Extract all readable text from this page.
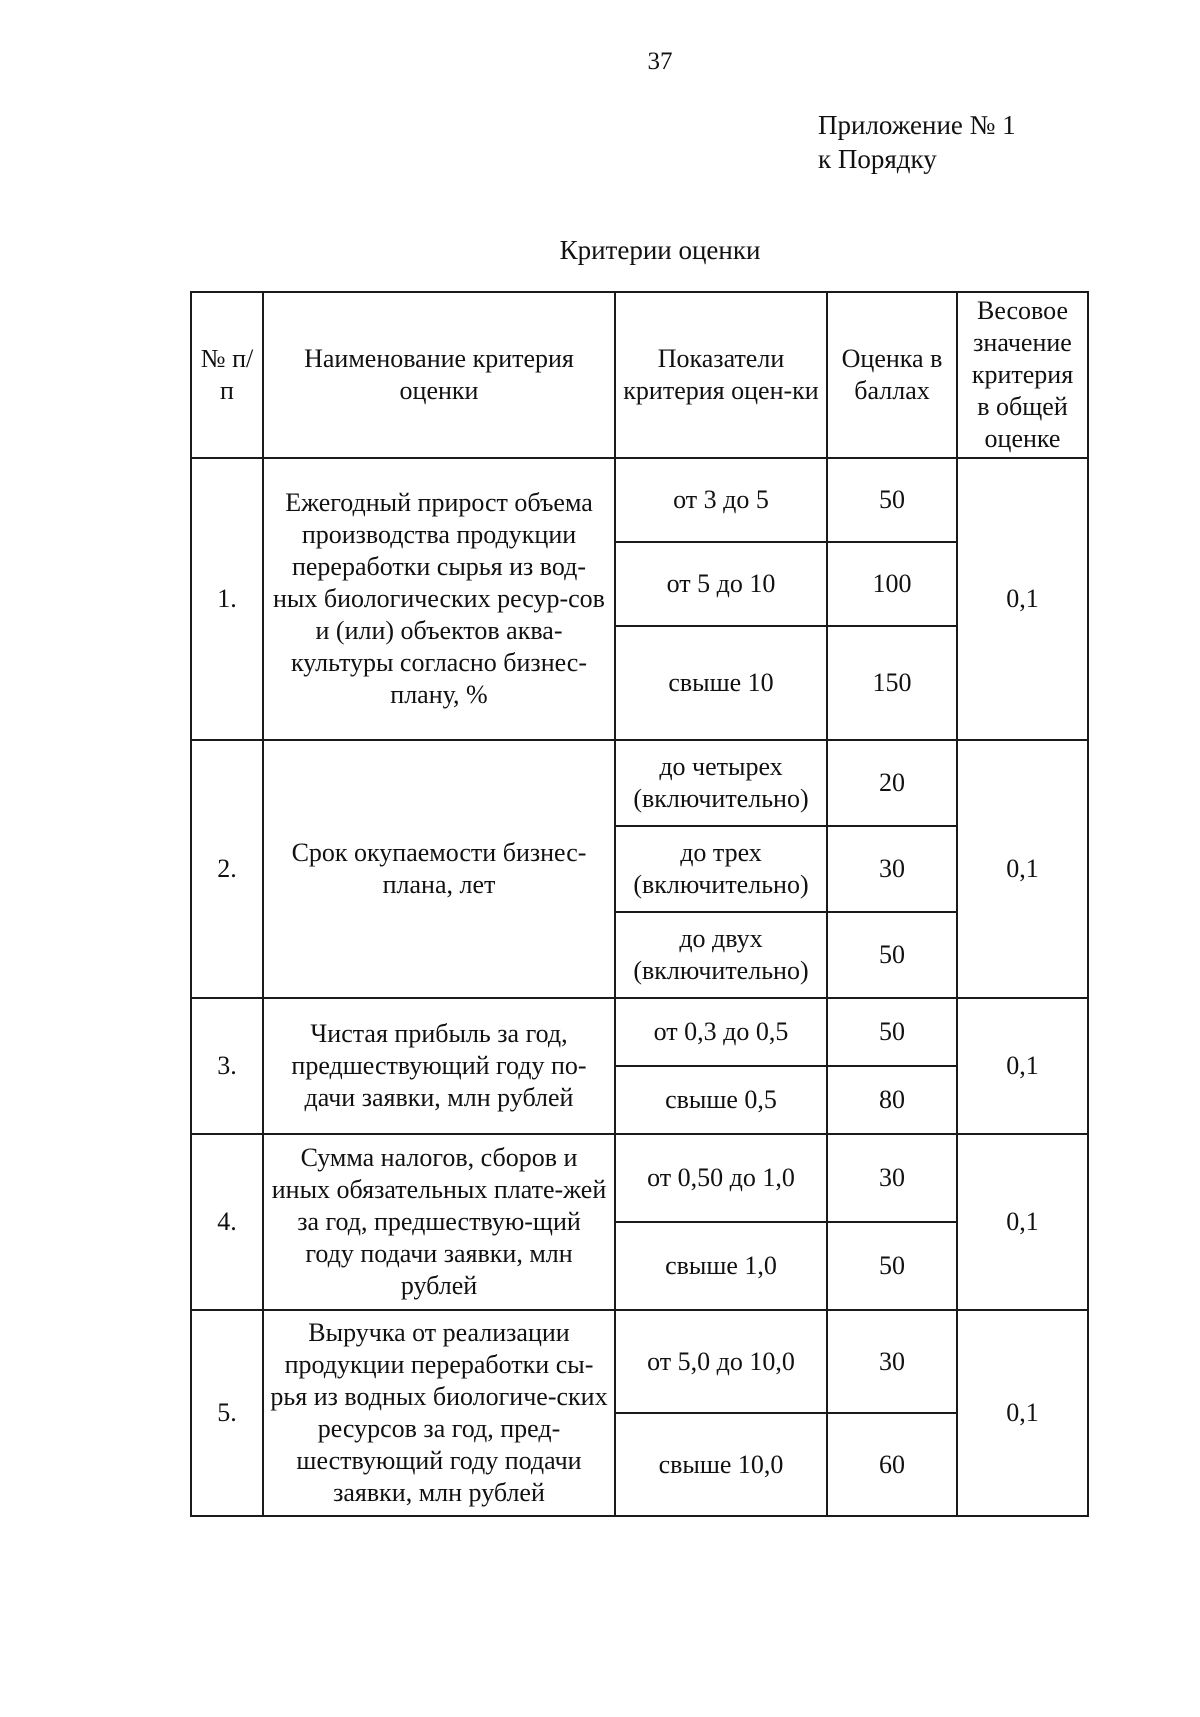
37
Приложение № 1
к Порядку
Критерии оценки
№ п/п	Наименование критерия оценки	Показатели критерия оцен-ки	Оценка в баллах	Весовое значение критерия в общей оценке
1.	Ежегодный прирост объема производства продукции переработки сырья из вод-ных биологических ресур-сов и (или) объектов аква-культуры согласно бизнес-плану, %	от 3 до 5	50	0,1
		от 5 до 10	100	
		свыше 10	150	
2.	Срок окупаемости бизнес-плана, лет	до четырех (включительно)	20	0,1
		до трех (включительно)	30	
		до двух (включительно)	50	
3.	Чистая прибыль за год, предшествующий году по-дачи заявки, млн рублей	от 0,3 до 0,5	50	0,1
		свыше 0,5	80	
4.	Сумма налогов, сборов и иных обязательных плате-жей за год, предшествую-щий году подачи заявки, млн рублей	от 0,50 до 1,0	30	0,1
		свыше 1,0	50	
5.	Выручка от реализации продукции переработки сы-рья из водных биологиче-ских ресурсов за год, пред-шествующий году подачи заявки, млн рублей	от 5,0 до 10,0	30	0,1
		свыше 10,0	60	
